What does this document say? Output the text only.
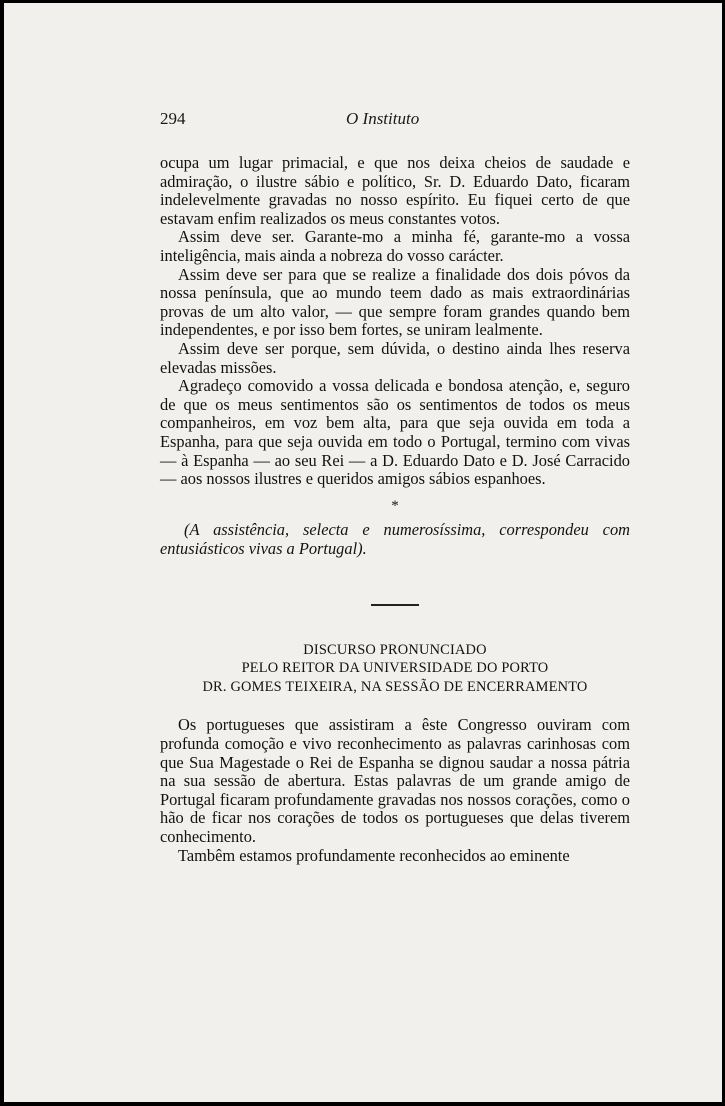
294	O Instituto

ocupa um lugar primacial, e que nos deixa cheios de saudade e admiração, o ilustre sábio e político, Sr. D. Eduardo Dato, ficaram indelevelmente gravadas no nosso espírito. Eu fiquei certo de que estavam enfim realizados os meus constantes votos.

Assim deve ser. Garante-mo a minha fé, garante-mo a vossa inteligência, mais ainda a nobreza do vosso carácter.

Assim deve ser para que se realize a finalidade dos dois póvos da nossa península, que ao mundo teem dado as mais extraordinárias provas de um alto valor, — que sempre foram grandes quando bem independentes, e por isso bem fortes, se uniram lealmente.

Assim deve ser porque, sem dúvida, o destino ainda lhes reserva elevadas missões.

Agradeço comovido a vossa delicada e bondosa atenção, e, seguro de que os meus sentimentos são os sentimentos de todos os meus companheiros, em voz bem alta, para que seja ouvida em toda a Espanha, para que seja ouvida em todo o Portugal, termino com vivas — à Espanha — ao seu Rei — a D. Eduardo Dato e D. José Carracido — aos nossos ilustres e queridos amigos sábios espanhoes.

*

(A assistência, selecta e numerosíssima, correspondeu com entusiásticos vivas a Portugal).

DISCURSO PRONUNCIADO
PELO REITOR DA UNIVERSIDADE DO PORTO
DR. GOMES TEIXEIRA, NA SESSÃO DE ENCERRAMENTO

Os portugueses que assistiram a êste Congresso ouviram com profunda comoção e vivo reconhecimento as palavras carinhosas com que Sua Magestade o Rei de Espanha se dignou saudar a nossa pátria na sua sessão de abertura. Estas palavras de um grande amigo de Portugal ficaram profundamente gravadas nos nossos corações, como o hão de ficar nos corações de todos os portugueses que delas tiverem conhecimento.

Tambêm estamos profundamente reconhecidos ao eminente
